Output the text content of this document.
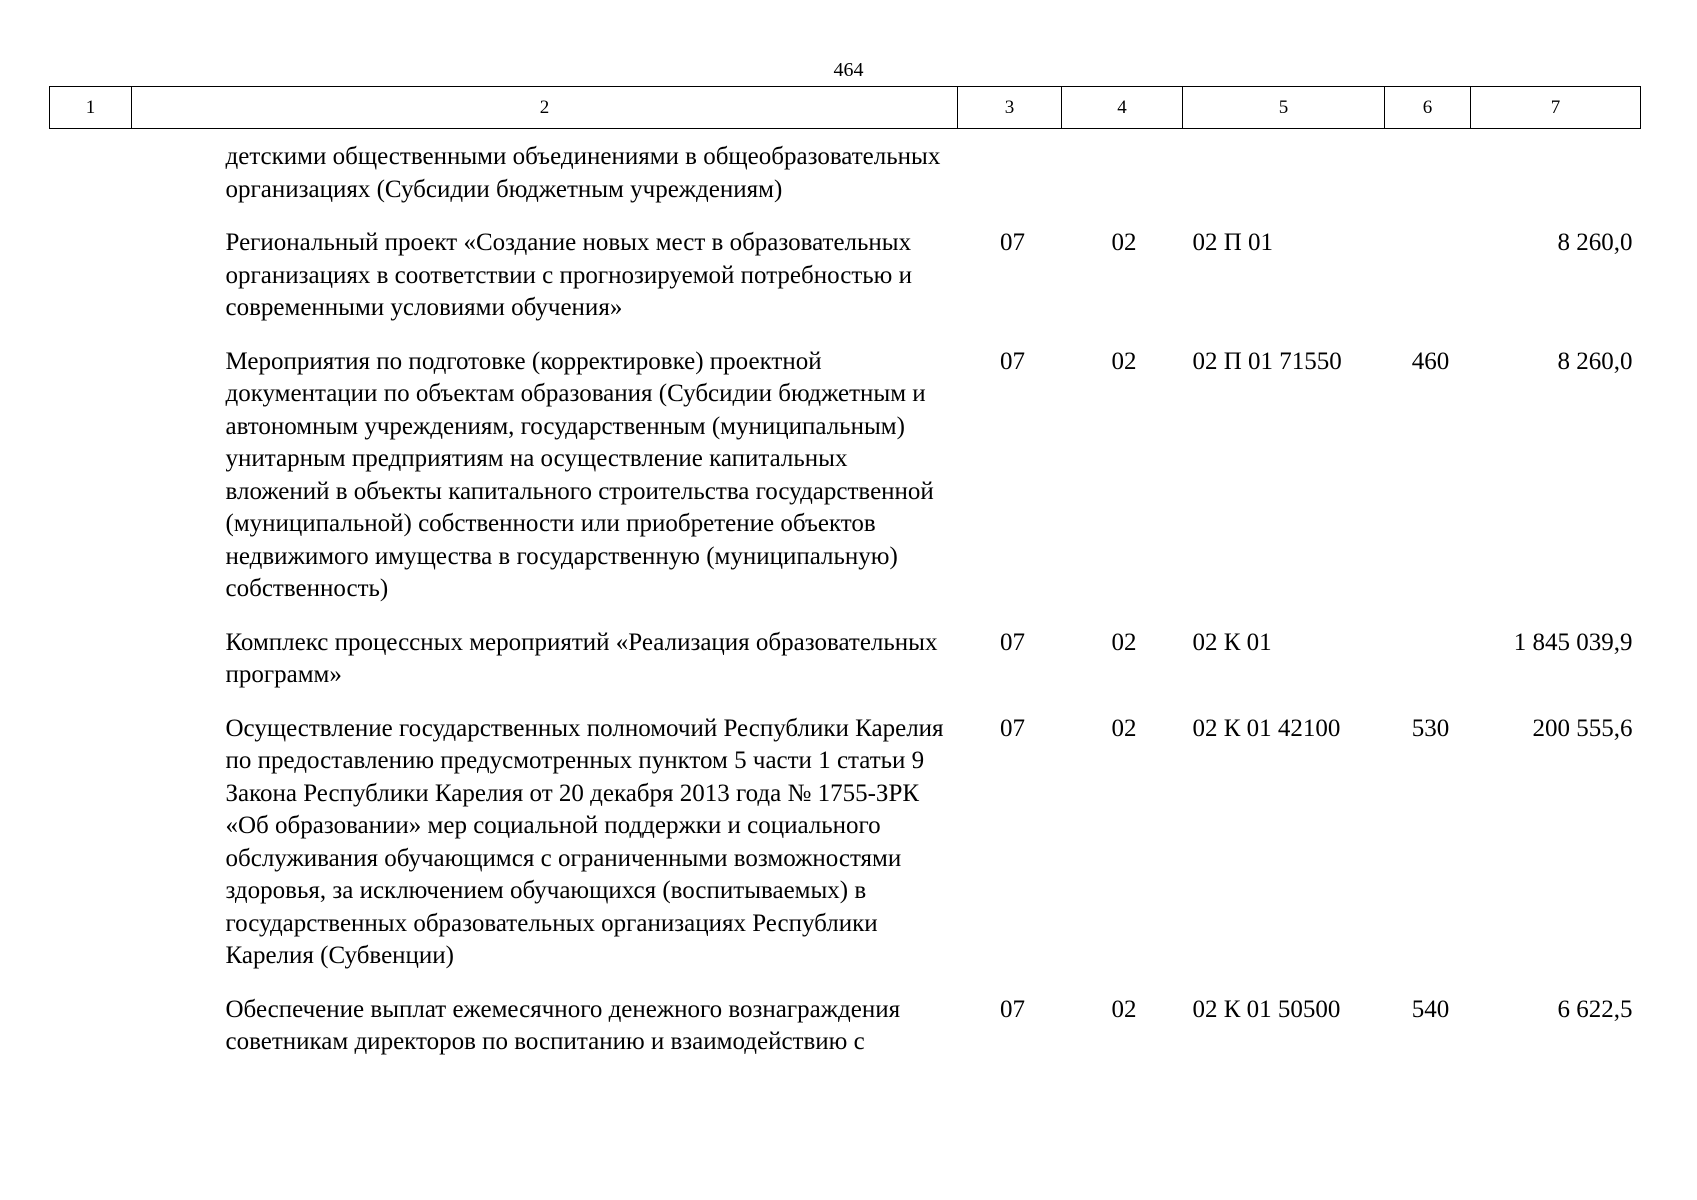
464
1	2	3	4	5	6	7
	детскими общественными объединениями в общеобразовательных организациях (Субсидии бюджетным учреждениям)					
	Региональный проект «Создание новых мест в образовательных организациях в соответствии с прогнозируемой потребностью и современными условиями обучения»	07	02	02 П 01		8 260,0
	Мероприятия по подготовке (корректировке) проектной документации по объектам образования (Субсидии бюджетным и автономным учреждениям, государственным (муниципальным) унитарным предприятиям на осуществление капитальных вложений в объекты капитального строительства государственной (муниципальной) собственности или приобретение объектов недвижимого имущества в государственную (муниципальную) собственность)	07	02	02 П 01 71550	460	8 260,0
	Комплекс процессных мероприятий «Реализация образовательных программ»	07	02	02 К 01		1 845 039,9
	Осуществление государственных полномочий Республики Карелия по предоставлению предусмотренных пунктом 5 части 1 статьи 9 Закона Республики Карелия от 20 декабря 2013 года № 1755-ЗРК «Об образовании» мер социальной поддержки и социального обслуживания обучающимся с ограниченными возможностями здоровья, за исключением обучающихся (воспитываемых) в государственных образовательных организациях Республики Карелия (Субвенции)	07	02	02 К 01 42100	530	200 555,6
	Обеспечение выплат ежемесячного денежного вознаграждения советникам директоров по воспитанию и взаимодействию с	07	02	02 К 01 50500	540	6 622,5
